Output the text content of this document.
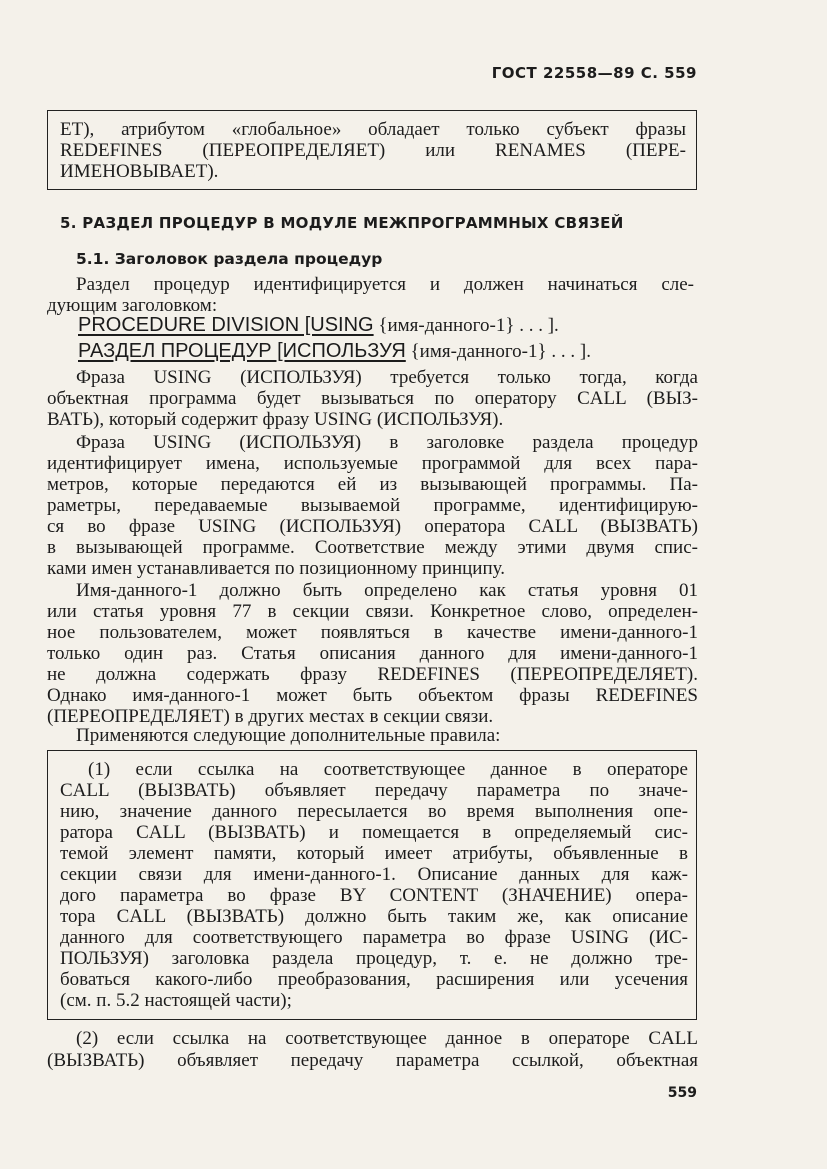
ГОСТ 22558—89 С. 559
ET), атрибутом «глобальное» обладает только субъект фразы
REDEFINES (ПЕРЕОПРЕДЕЛЯЕТ) или RENAMES (ПЕРЕ-
ИМЕНОВЫВАЕТ).
5. РАЗДЕЛ ПРОЦЕДУР В МОДУЛЕ МЕЖПРОГРАММНЫХ СВЯЗЕЙ
5.1. Заголовок раздела процедур
Раздел процедур идентифицируется и должен начинаться сле-
дующим заголовком:
PROCEDURE DIVISION [USING {имя-данного-1} . . . ].
РАЗДЕЛ ПРОЦЕДУР [ИСПОЛЬЗУЯ {имя-данного-1} . . . ].
Фраза USING (ИСПОЛЬЗУЯ) требуется только тогда, когда
объектная программа будет вызываться по оператору CALL (ВЫЗ-
ВАТЬ), который содержит фразу USING (ИСПОЛЬЗУЯ).
Фраза USING (ИСПОЛЬЗУЯ) в заголовке раздела процедур
идентифицирует имена, используемые программой для всех пара-
метров, которые передаются ей из вызывающей программы. Па-
раметры, передаваемые вызываемой программе, идентифицирую-
ся во фразе USING (ИСПОЛЬЗУЯ) оператора CALL (ВЫЗВАТЬ)
в вызывающей программе. Соответствие между этими двумя спис-
ками имен устанавливается по позиционному принципу.
Имя-данного-1 должно быть определено как статья уровня 01
или статья уровня 77 в секции связи. Конкретное слово, определен-
ное пользователем, может появляться в качестве имени-данного-1
только один раз. Статья описания данного для имени-данного-1
не должна содержать фразу REDEFINES (ПЕРЕОПРЕДЕЛЯЕТ).
Однако имя-данного-1 может быть объектом фразы REDEFINES
(ПЕРЕОПРЕДЕЛЯЕТ) в других местах в секции связи.
Применяются следующие дополнительные правила:
(1) если ссылка на соответствующее данное в операторе
CALL (ВЫЗВАТЬ) объявляет передачу параметра по значе-
нию, значение данного пересылается во время выполнения опе-
ратора CALL (ВЫЗВАТЬ) и помещается в определяемый сис-
темой элемент памяти, который имеет атрибуты, объявленные в
секции связи для имени-данного-1. Описание данных для каж-
дого параметра во фразе BY CONTENT (ЗНАЧЕНИЕ) опера-
тора CALL (ВЫЗВАТЬ) должно быть таким же, как описание
данного для соответствующего параметра во фразе USING (ИС-
ПОЛЬЗУЯ) заголовка раздела процедур, т. е. не должно тре-
боваться какого-либо преобразования, расширения или усечения
(см. п. 5.2 настоящей части);
(2) если ссылка на соответствующее данное в операторе CALL
(ВЫЗВАТЬ) объявляет передачу параметра ссылкой, объектная
559
